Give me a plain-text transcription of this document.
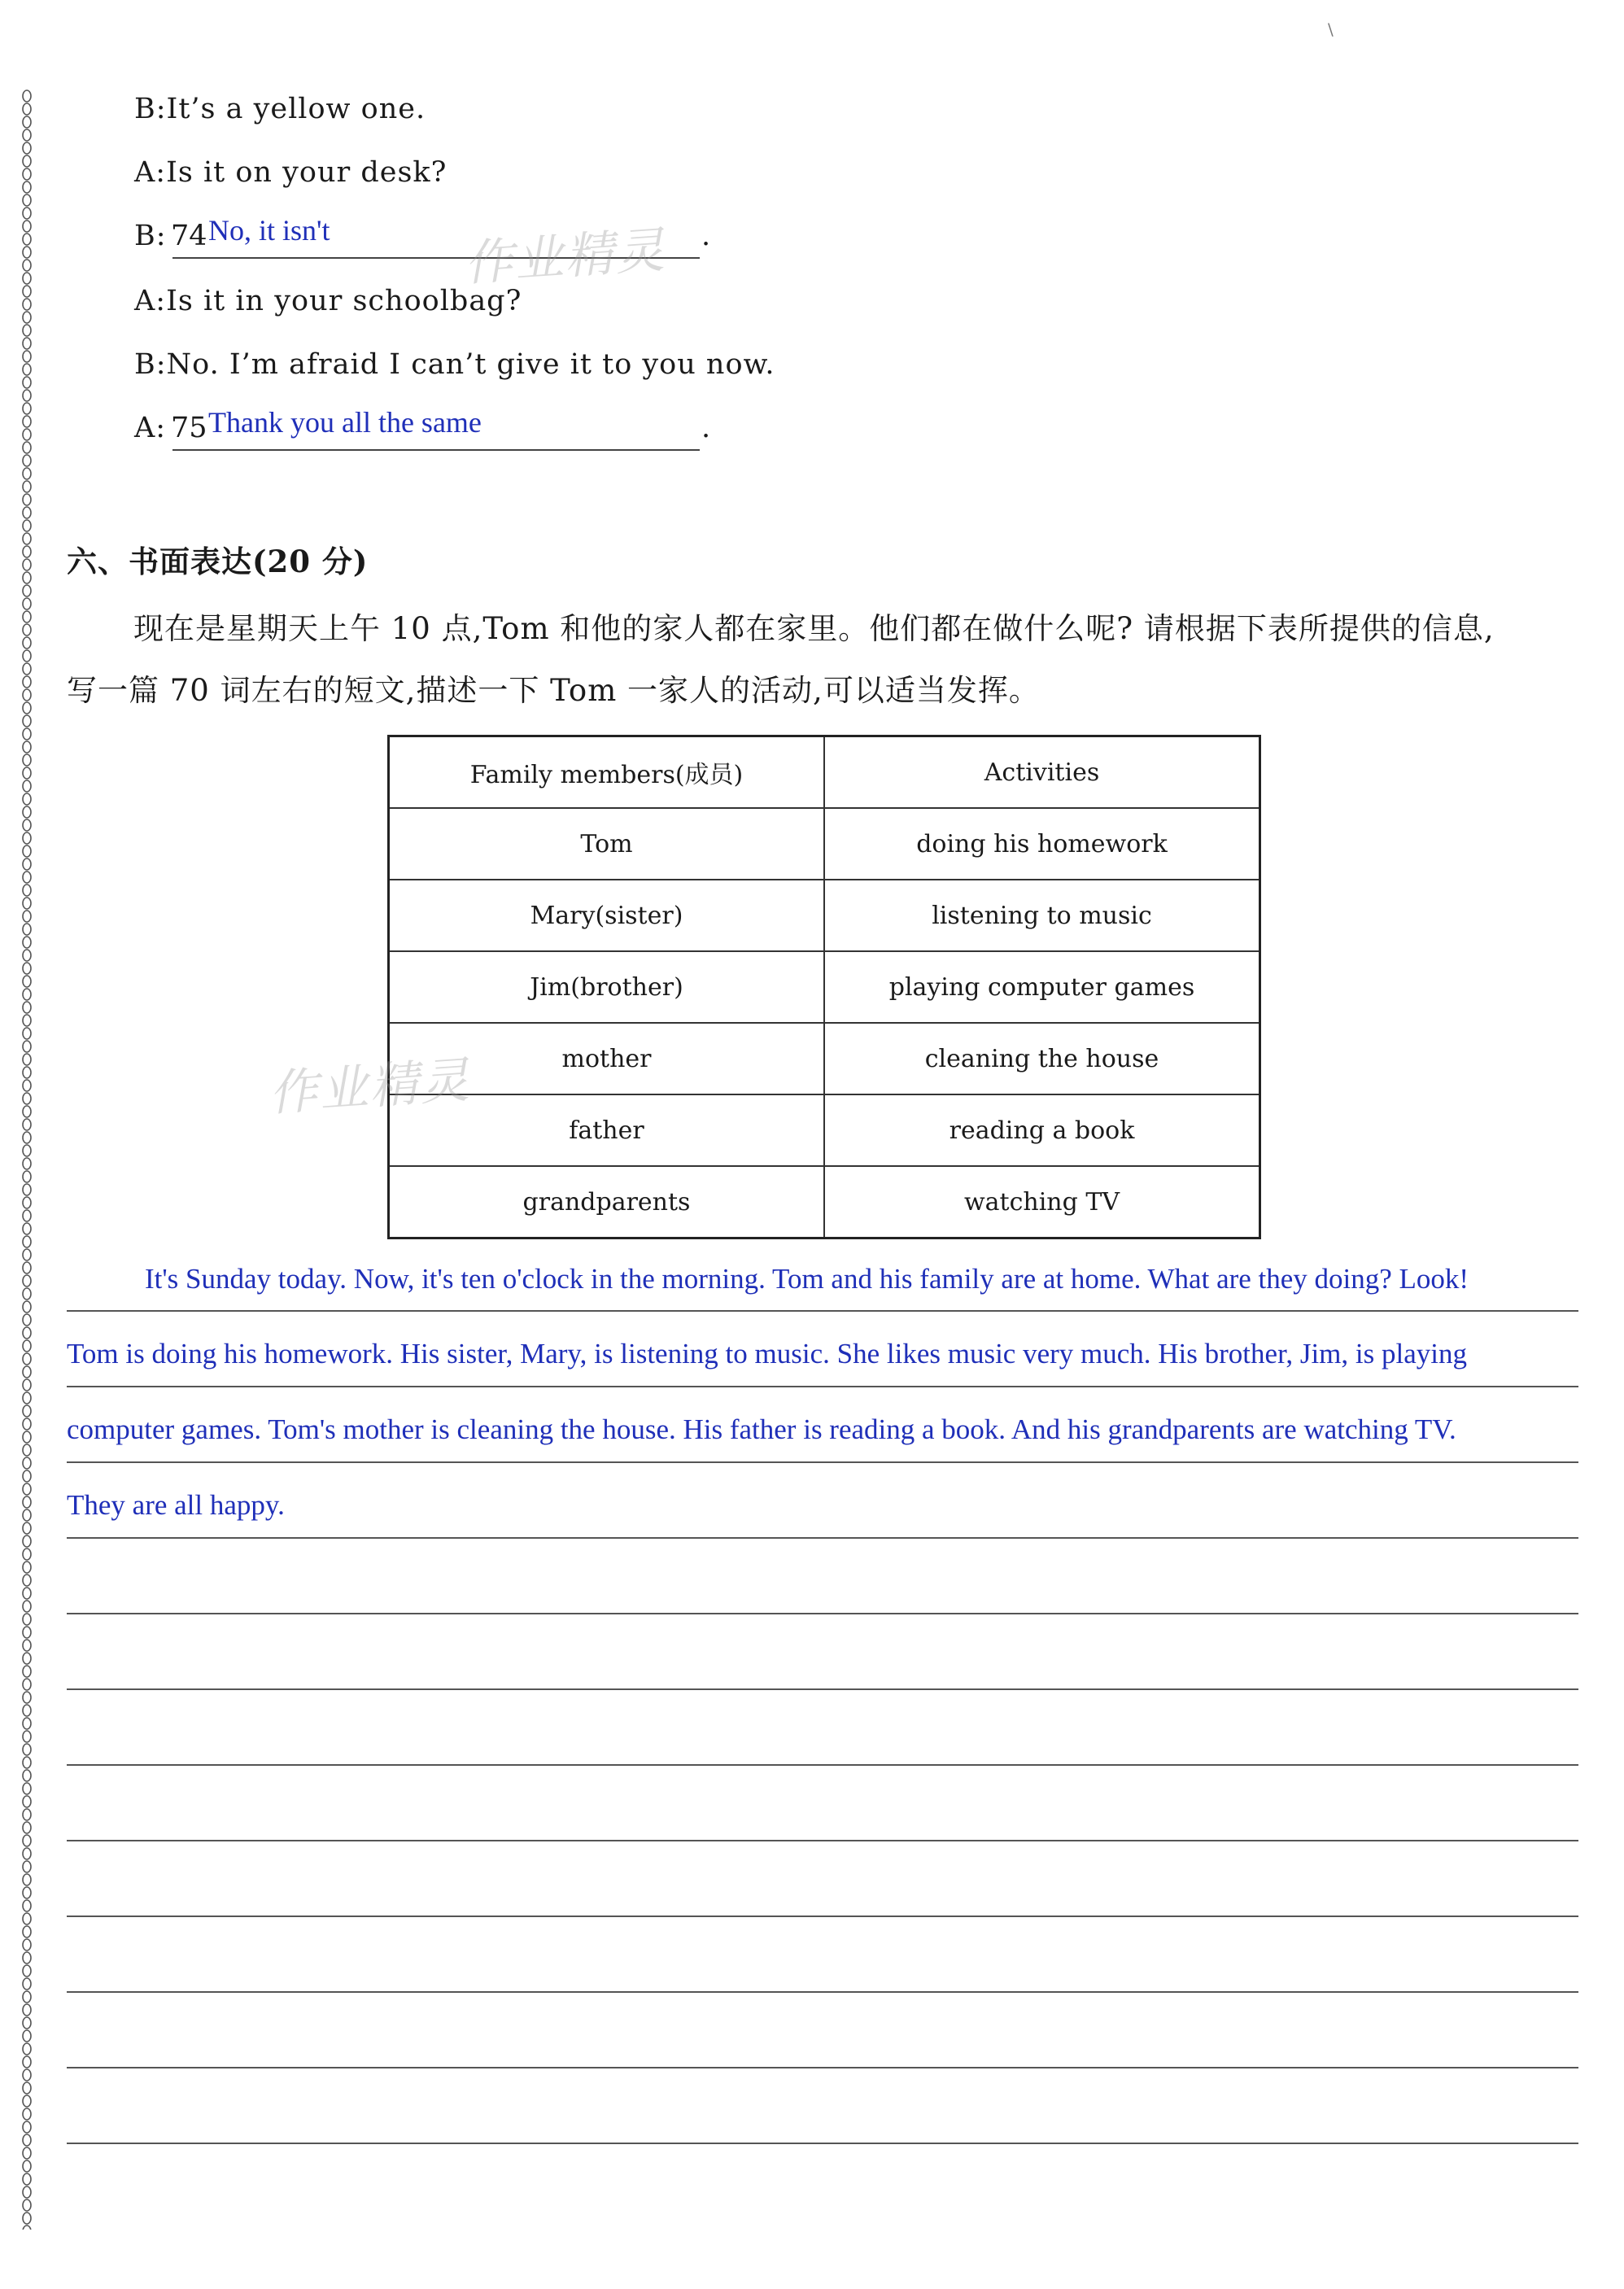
\
B:It’s a yellow one.
A:Is it on your desk?
B: 74 No, it isn't	.
A:Is it in your schoolbag?
B:No. I’m afraid I can’t give it to you now.
A: 75 Thank you all the same	.
六、书面表达(20 分)
现在是星期天上午 10 点,Tom 和他的家人都在家里。他们都在做什么呢? 请根据下表所提供的信息,
写一篇 70 词左右的短文,描述一下 Tom 一家人的活动,可以适当发挥。
Family members(成员)	Activities
Tom	doing his homework
Mary(sister)	listening to music
Jim(brother)	playing computer games
mother	cleaning the house
father	reading a book
grandparents	watching TV
It's Sunday today. Now, it's ten o'clock in the morning. Tom and his family are at home. What are they doing? Look!
Tom is doing his homework. His sister, Mary, is listening to music. She likes music very much. His brother, Jim, is playing
computer games. Tom's mother is cleaning the house. His father is reading a book. And his grandparents are watching TV.
They are all happy.
作业精灵
作业精灵
